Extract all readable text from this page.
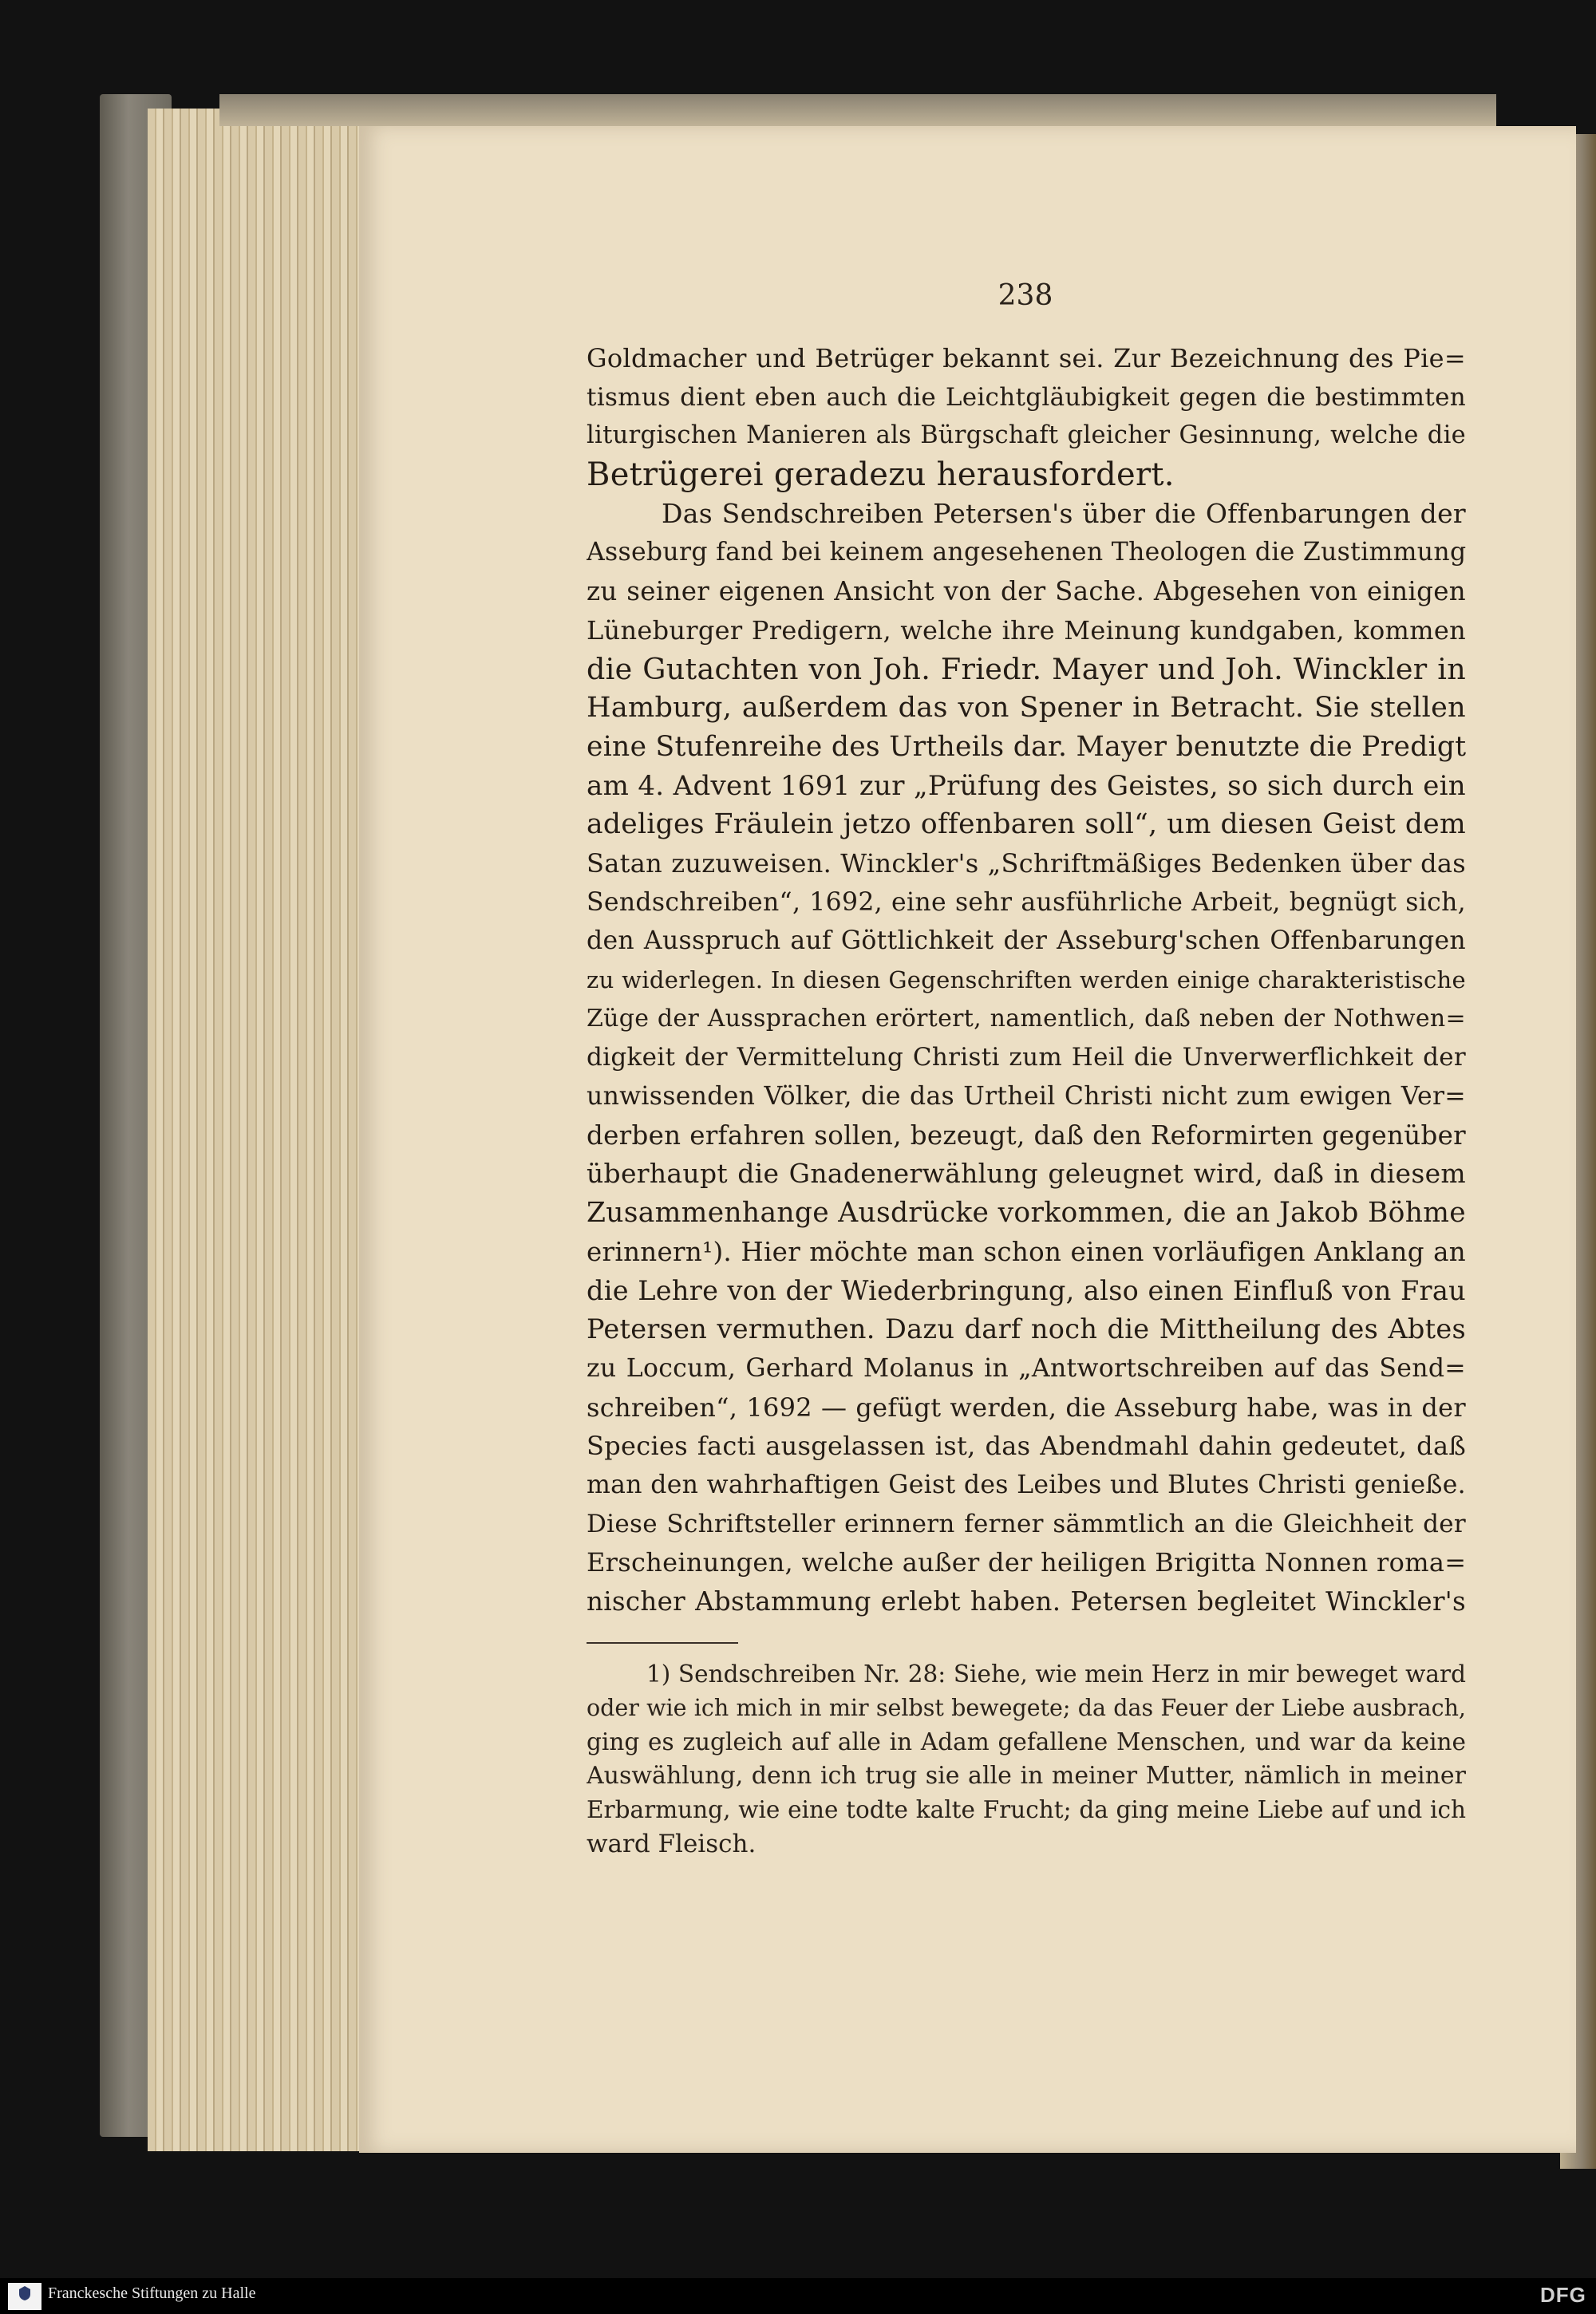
238
Goldmacher und Betrüger bekannt sei. Zur Bezeichnung des Pie=
tismus dient eben auch die Leichtgläubigkeit gegen die bestimmten
liturgischen Manieren als Bürgschaft gleicher Gesinnung, welche die
Betrügerei geradezu herausfordert.
Das Sendschreiben Petersen's über die Offenbarungen der
Asseburg fand bei keinem angesehenen Theologen die Zustimmung
zu seiner eigenen Ansicht von der Sache. Abgesehen von einigen
Lüneburger Predigern, welche ihre Meinung kundgaben, kommen
die Gutachten von Joh. Friedr. Mayer und Joh. Winckler in
Hamburg, außerdem das von Spener in Betracht. Sie stellen
eine Stufenreihe des Urtheils dar. Mayer benutzte die Predigt
am 4. Advent 1691 zur „Prüfung des Geistes, so sich durch ein
adeliges Fräulein jetzo offenbaren soll“, um diesen Geist dem
Satan zuzuweisen. Winckler's „Schriftmäßiges Bedenken über das
Sendschreiben“, 1692, eine sehr ausführliche Arbeit, begnügt sich,
den Ausspruch auf Göttlichkeit der Asseburg'schen Offenbarungen
zu widerlegen. In diesen Gegenschriften werden einige charakteristische
Züge der Aussprachen erörtert, namentlich, daß neben der Nothwen=
digkeit der Vermittelung Christi zum Heil die Unverwerflichkeit der
unwissenden Völker, die das Urtheil Christi nicht zum ewigen Ver=
derben erfahren sollen, bezeugt, daß den Reformirten gegenüber
überhaupt die Gnadenerwählung geleugnet wird, daß in diesem
Zusammenhange Ausdrücke vorkommen, die an Jakob Böhme
erinnern¹). Hier möchte man schon einen vorläufigen Anklang an
die Lehre von der Wiederbringung, also einen Einfluß von Frau
Petersen vermuthen. Dazu darf noch die Mittheilung des Abtes
zu Loccum, Gerhard Molanus in „Antwortschreiben auf das Send=
schreiben“, 1692 — gefügt werden, die Asseburg habe, was in der
Species facti ausgelassen ist, das Abendmahl dahin gedeutet, daß
man den wahrhaftigen Geist des Leibes und Blutes Christi genieße.
Diese Schriftsteller erinnern ferner sämmtlich an die Gleichheit der
Erscheinungen, welche außer der heiligen Brigitta Nonnen roma=
nischer Abstammung erlebt haben. Petersen begleitet Winckler's
1) Sendschreiben Nr. 28: Siehe, wie mein Herz in mir beweget ward
oder wie ich mich in mir selbst bewegete; da das Feuer der Liebe ausbrach,
ging es zugleich auf alle in Adam gefallene Menschen, und war da keine
Auswählung, denn ich trug sie alle in meiner Mutter, nämlich in meiner
Erbarmung, wie eine todte kalte Frucht; da ging meine Liebe auf und ich
ward Fleisch.
Franckesche Stiftungen zu Halle	DFG
